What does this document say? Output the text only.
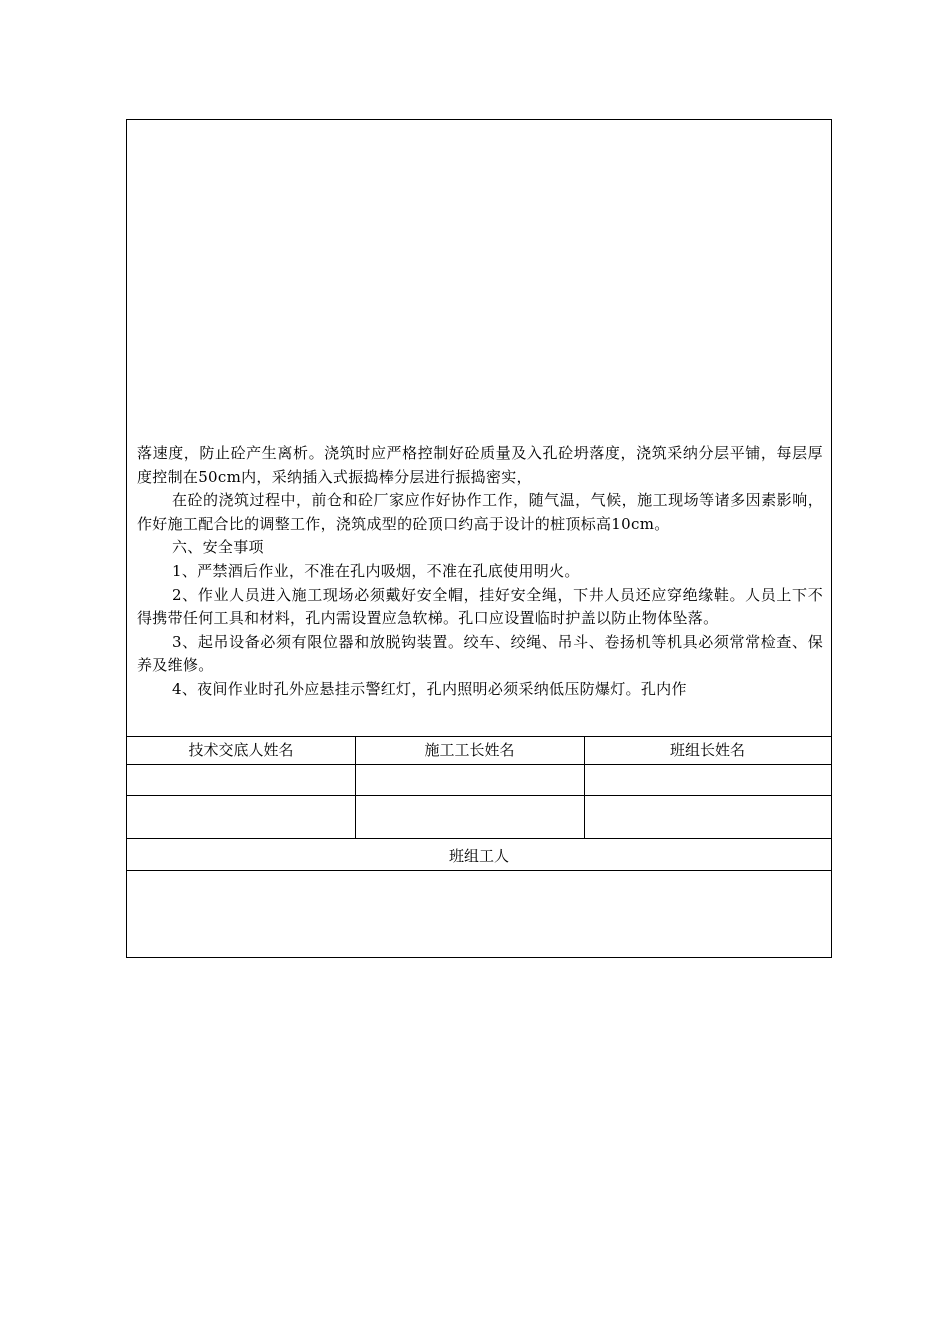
落速度，防止砼产生离析。浇筑时应严格控制好砼质量及入孔砼坍落度，浇筑采纳分层平铺，每层厚度控制在50cm内，采纳插入式振捣棒分层进行振捣密实，

在砼的浇筑过程中，前仓和砼厂家应作好协作工作，随气温，气候，施工现场等诸多因素影响，作好施工配合比的调整工作，浇筑成型的砼顶口约高于设计的桩顶标高10cm。

六、安全事项

1、严禁酒后作业，不准在孔内吸烟，不准在孔底使用明火。

2、作业人员进入施工现场必须戴好安全帽，挂好安全绳，下井人员还应穿绝缘鞋。人员上下不得携带任何工具和材料，孔内需设置应急软梯。孔口应设置临时护盖以防止物体坠落。

3、起吊设备必须有限位器和放脱钩装置。绞车、绞绳、吊斗、卷扬机等机具必须常常检查、保养及维修。

4、夜间作业时孔外应悬挂示警红灯，孔内照明必须采纳低压防爆灯。孔内作

技术交底人姓名	施工工长姓名	班组长姓名
班组工人
